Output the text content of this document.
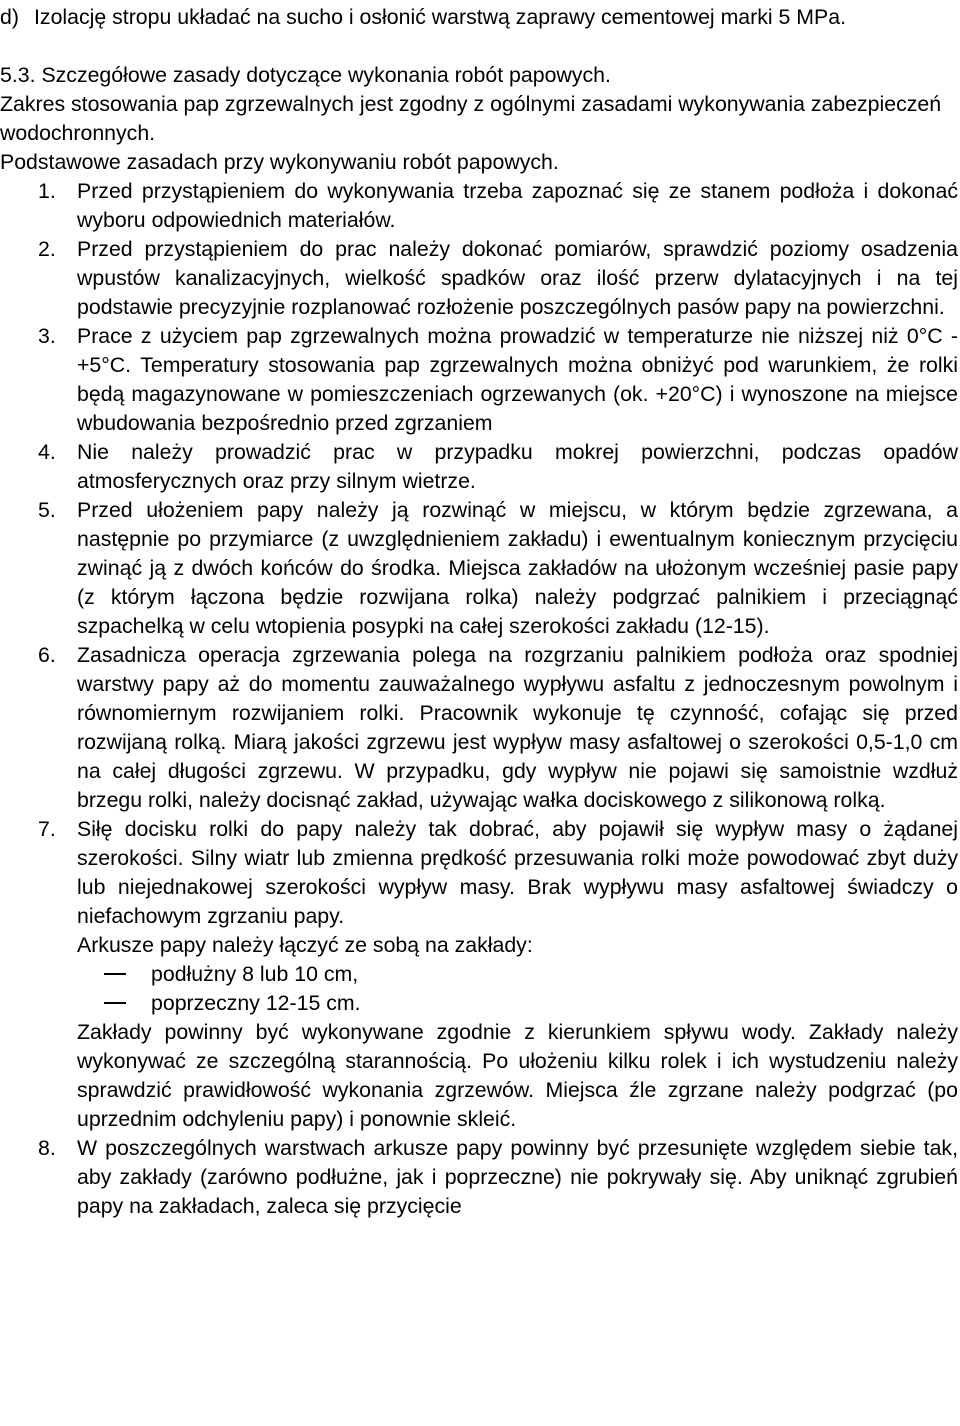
d) Izolację stropu układać na sucho i osłonić warstwą zaprawy cementowej marki 5 MPa.

5.3. Szczegółowe zasady dotyczące wykonania robót papowych.

Zakres stosowania pap zgrzewalnych jest zgodny z ogólnymi zasadami wykonywania zabezpieczeń wodochronnych.

Podstawowe zasadach przy wykonywaniu robót papowych.

1. Przed przystąpieniem do wykonywania trzeba zapoznać się ze stanem podłoża i dokonać wyboru odpowiednich materiałów.
2. Przed przystąpieniem do prac należy dokonać pomiarów, sprawdzić poziomy osadzenia wpustów kanalizacyjnych, wielkość spadków oraz ilość przerw dylatacyjnych i na tej podstawie precyzyjnie rozplanować rozłożenie poszczególnych pasów papy na powierzchni.
3. Prace z użyciem pap zgrzewalnych można prowadzić w temperaturze nie niższej niż 0°C - +5°C. Temperatury stosowania pap zgrzewalnych można obniżyć pod warunkiem, że rolki będą magazynowane w pomieszczeniach ogrzewanych (ok. +20°C) i wynoszone na miejsce wbudowania bezpośrednio przed zgrzaniem
4. Nie należy prowadzić prac w przypadku mokrej powierzchni, podczas opadów atmosferycznych oraz przy silnym wietrze.
5. Przed ułożeniem papy należy ją rozwinąć w miejscu, w którym będzie zgrzewana, a następnie po przymiarce (z uwzględnieniem zakładu) i ewentualnym koniecznym przycięciu zwinąć ją z dwóch końców do środka. Miejsca zakładów na ułożonym wcześniej pasie papy (z którym łączona będzie rozwijana rolka) należy podgrzać palnikiem i przeciągnąć szpachelką w celu wtopienia posypki na całej szerokości zakładu (12-15).
6. Zasadnicza operacja zgrzewania polega na rozgrzaniu palnikiem podłoża oraz spodniej warstwy papy aż do momentu zauważalnego wypływu asfaltu z jednoczesnym powolnym i równomiernym rozwijaniem rolki. Pracownik wykonuje tę czynność, cofając się przed rozwijaną rolką. Miarą jakości zgrzewu jest wypływ masy asfaltowej o szerokości 0,5-1,0 cm na całej długości zgrzewu. W przypadku, gdy wypływ nie pojawi się samoistnie wzdłuż brzegu rolki, należy docisnąć zakład, używając wałka dociskowego z silikonową rolką.
7. Siłę docisku rolki do papy należy tak dobrać, aby pojawił się wypływ masy o żądanej szerokości. Silny wiatr lub zmienna prędkość przesuwania rolki może powodować zbyt duży lub niejednakowej szerokości wypływ masy. Brak wypływu masy asfaltowej świadczy o niefachowym zgrzaniu papy.

Arkusze papy należy łączyć ze sobą na zakłady:

podłużny 8 lub 10 cm,
poprzeczny 12-15 cm.

Zakłady powinny być wykonywane zgodnie z kierunkiem spływu wody. Zakłady należy wykonywać ze szczególną starannością. Po ułożeniu kilku rolek i ich wystudzeniu należy sprawdzić prawidłowość wykonania zgrzewów. Miejsca źle zgrzane należy podgrzać (po uprzednim odchyleniu papy) i ponownie skleić.

8. W poszczególnych warstwach arkusze papy powinny być przesunięte względem siebie tak, aby zakłady (zarówno podłużne, jak i poprzeczne) nie pokrywały się. Aby uniknąć zgrubień papy na zakładach, zaleca się przycięcie
